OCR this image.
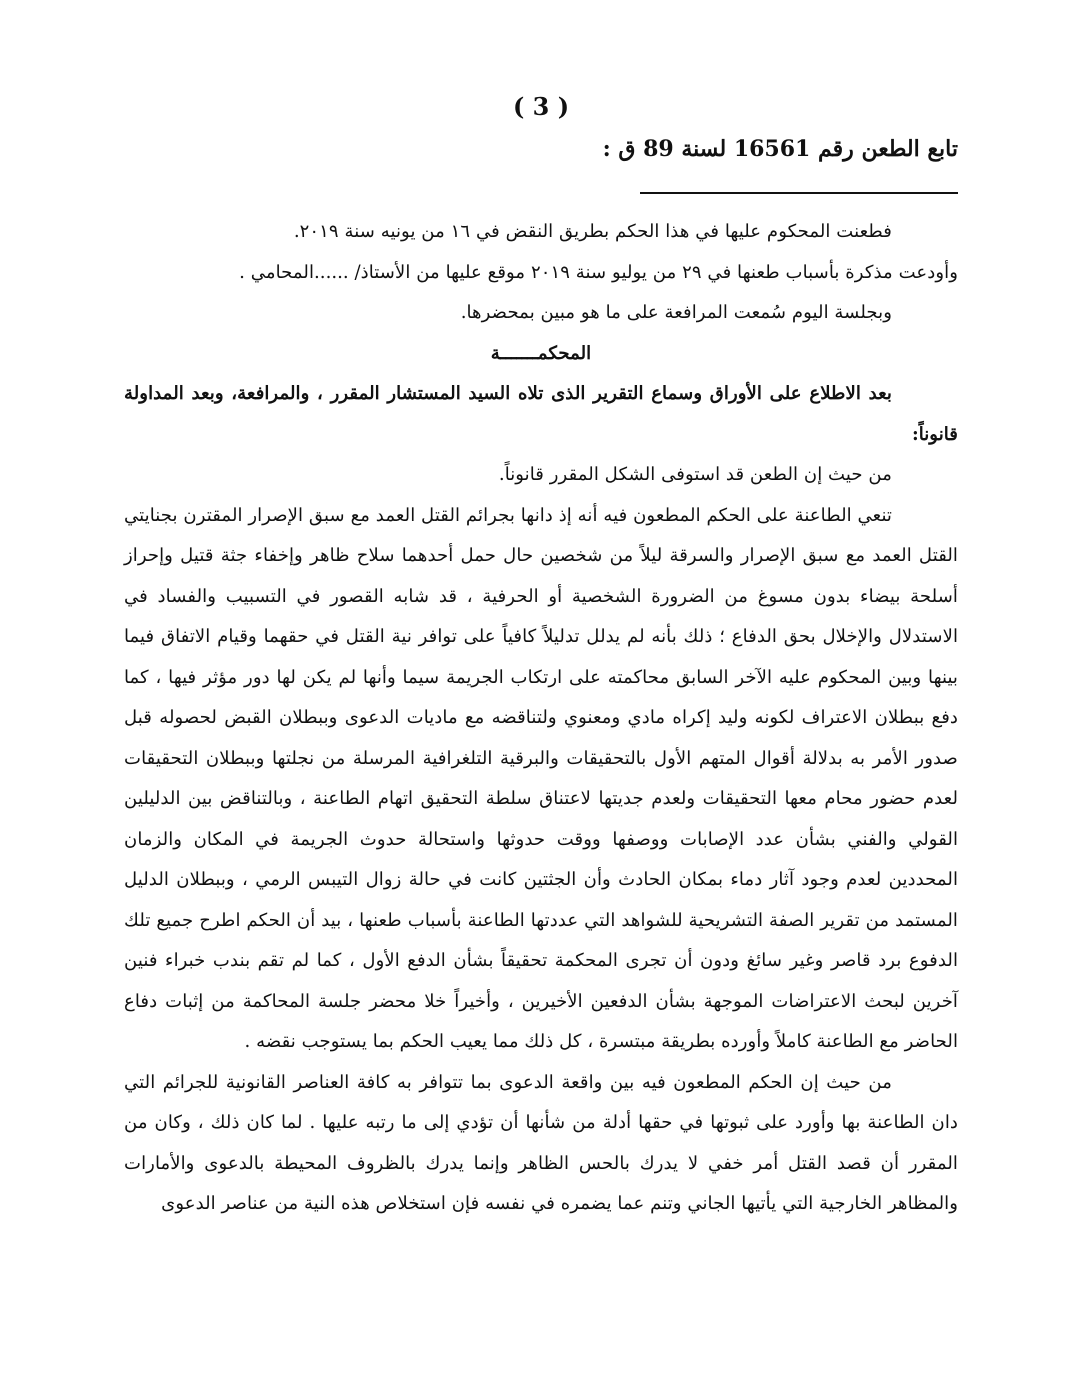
( 3 )
تابع الطعن رقم 16561 لسنة 89 ق :

فطعنت المحكوم عليها في هذا الحكم بطريق النقض في ١٦ من يونيه سنة ٢٠١٩.

وأودعت مذكرة بأسباب طعنها في ٢٩ من يوليو سنة ٢٠١٩ موقع عليها من الأستاذ/ ......المحامي .

وبجلسة اليوم سُمعت المرافعة على ما هو مبين بمحضرها.

المحكمـــــــة

بعد الاطلاع على الأوراق وسماع التقرير الذى تلاه السيد المستشار المقرر ، والمرافعة، وبعد المداولة قانوناً:

من حيث إن الطعن قد استوفى الشكل المقرر قانوناً.

تنعي الطاعنة على الحكم المطعون فيه أنه إذ دانها بجرائم القتل العمد مع سبق الإصرار المقترن بجنايتي القتل العمد مع سبق الإصرار والسرقة ليلاً من شخصين حال حمل أحدهما سلاح ظاهر وإخفاء جثة قتيل وإحراز أسلحة بيضاء بدون مسوغ من الضرورة الشخصية أو الحرفية ، قد شابه القصور في التسبيب والفساد في الاستدلال والإخلال بحق الدفاع ؛ ذلك بأنه لم يدلل تدليلاً كافياً على توافر نية القتل في حقهما وقيام الاتفاق فيما بينها وبين المحكوم عليه الآخر السابق محاكمته على ارتكاب الجريمة سيما وأنها لم يكن لها دور مؤثر فيها ، كما دفع ببطلان الاعتراف لكونه وليد إكراه مادي ومعنوي ولتناقضه مع ماديات الدعوى وببطلان القبض لحصوله قبل صدور الأمر به بدلالة أقوال المتهم الأول بالتحقيقات والبرقية التلغرافية المرسلة من نجلتها وببطلان التحقيقات لعدم حضور محام معها التحقيقات ولعدم جديتها لاعتناق سلطة التحقيق اتهام الطاعنة ، وبالتناقض بين الدليلين القولي والفني بشأن عدد الإصابات ووصفها ووقت حدوثها واستحالة حدوث الجريمة في المكان والزمان المحددين لعدم وجود آثار دماء بمكان الحادث وأن الجثتين كانت في حالة زوال التيبس الرمي ، وببطلان الدليل المستمد من تقرير الصفة التشريحية للشواهد التي عددتها الطاعنة بأسباب طعنها ، بيد أن الحكم اطرح جميع تلك الدفوع برد قاصر وغير سائغ ودون أن تجرى المحكمة تحقيقاً بشأن الدفع الأول ، كما لم تقم بندب خبراء فنين آخرين لبحث الاعتراضات الموجهة بشأن الدفعين الأخيرين ، وأخيراً خلا محضر جلسة المحاكمة من إثبات دفاع الحاضر مع الطاعنة كاملاً وأورده بطريقة مبتسرة ، كل ذلك مما يعيب الحكم بما يستوجب نقضه .

من حيث إن الحكم المطعون فيه بين واقعة الدعوى بما تتوافر به كافة العناصر القانونية للجرائم التي دان الطاعنة بها وأورد على ثبوتها في حقها أدلة من شأنها أن تؤدي إلى ما رتبه عليها . لما كان ذلك ، وكان من المقرر أن قصد القتل أمر خفي لا يدرك بالحس الظاهر وإنما يدرك بالظروف المحيطة بالدعوى والأمارات والمظاهر الخارجية التي يأتيها الجاني وتنم عما يضمره في نفسه فإن استخلاص هذه النية من عناصر الدعوى
